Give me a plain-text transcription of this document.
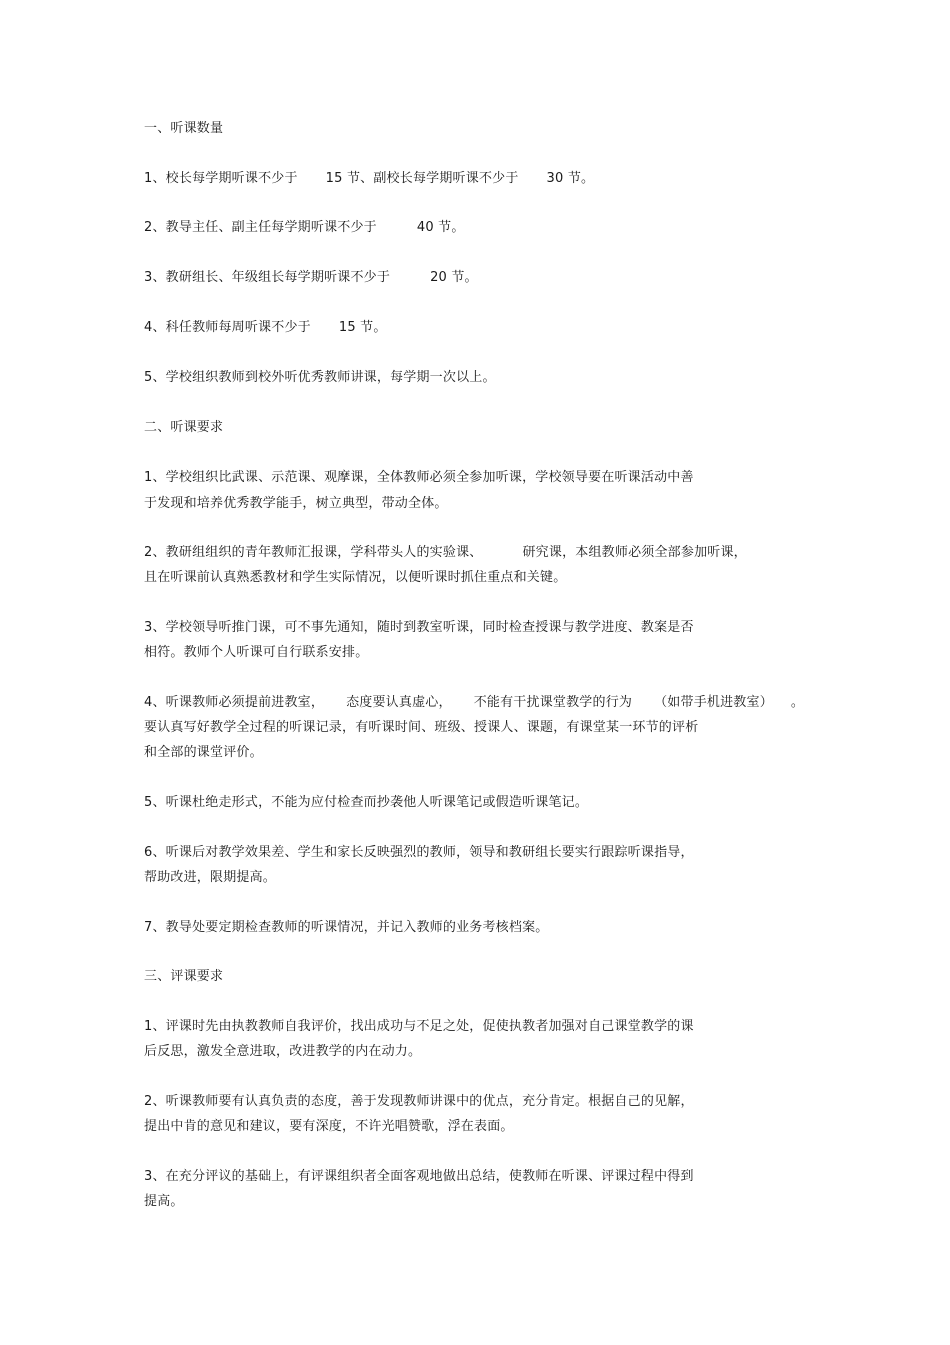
一、听课数量
1、校长每学期听课不少于 15 节、副校长每学期听课不少于 30 节。
2、教导主任、副主任每学期听课不少于	40 节。
3、教研组长、年级组长每学期听课不少于	20 节。
4、科任教师每周听课不少于 15 节。
5、学校组织教师到校外听优秀教师讲课，每学期一次以上。
二、听课要求
1、学校组织比武课、示范课、观摩课，全体教师必须全参加听课，学校领导要在听课活动中善
于发现和培养优秀教学能手，树立典型，带动全体。
2、教研组组织的青年教师汇报课，学科带头人的实验课、	研究课，本组教师必须全部参加听课，
且在听课前认真熟悉教材和学生实际情况，以便听课时抓住重点和关键。
3、学校领导听推门课，可不事先通知，随时到教室听课，同时检查授课与教学进度、教案是否
相符。教师个人听课可自行联系安排。
4、听课教师必须提前进教室， 态度要认真虚心， 不能有干扰课堂教学的行为 （如带手机进教室） 。
要认真写好教学全过程的听课记录，有听课时间、班级、授课人、课题，有课堂某一环节的评析
和全部的课堂评价。
5、听课杜绝走形式，不能为应付检查而抄袭他人听课笔记或假造听课笔记。
6、听课后对教学效果差、学生和家长反映强烈的教师，领导和教研组长要实行跟踪听课指导，
帮助改进，限期提高。
7、教导处要定期检查教师的听课情况，并记入教师的业务考核档案。
三、评课要求
1、评课时先由执教教师自我评价，找出成功与不足之处，促使执教者加强对自己课堂教学的课
后反思，激发全意进取，改进教学的内在动力。
2、听课教师要有认真负责的态度，善于发现教师讲课中的优点，充分肯定。根据自己的见解，
提出中肯的意见和建议，要有深度，不许光唱赞歌，浮在表面。
3、在充分评议的基础上，有评课组织者全面客观地做出总结，使教师在听课、评课过程中得到
提高。
